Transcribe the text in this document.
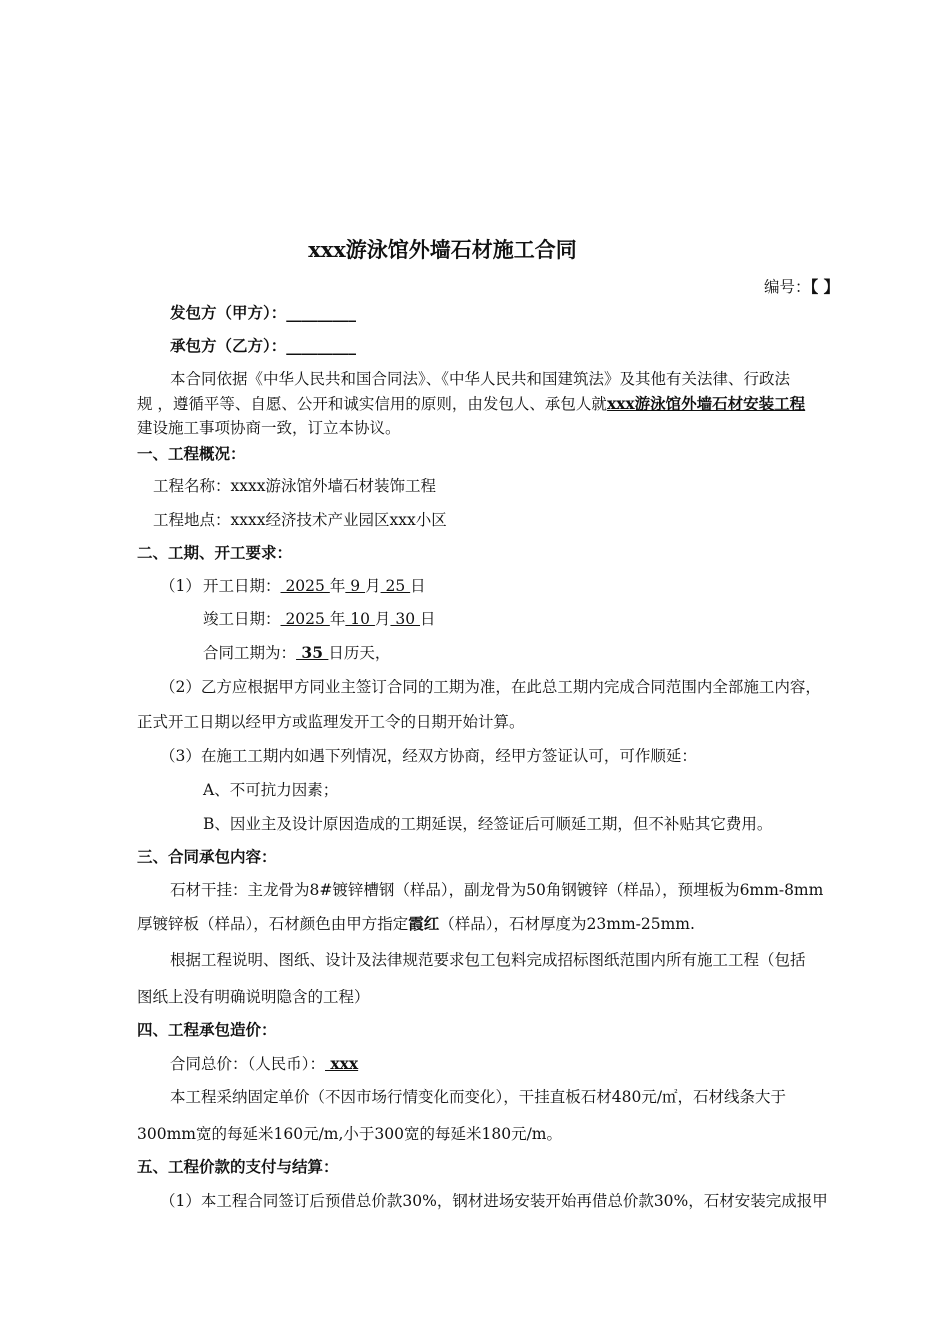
xxx游泳馆外墙石材施工合同
编号：【 】
发包方（甲方）：_________
承包方（乙方）：_________
本合同依据《中华人民共和国合同法》、《中华人民共和国建筑法》及其他有关法律、行政法
规 ，遵循平等、自愿、公开和诚实信用的原则，由发包人、承包人就xxx游泳馆外墙石材安装工程
建设施工事项协商一致，订立本协议。
一、工程概况：
工程名称：xxxx游泳馆外墙石材装饰工程
工程地点：xxxx经济技术产业园区xxx小区
二、工期、开工要求：
（1） 开工日期： 2025 年 9 月 25 日
竣工日期： 2025 年 10 月 30 日
合同工期为： 35 日历天，
（2）乙方应根据甲方同业主签订合同的工期为准，在此总工期内完成合同范围内全部施工内容，
正式开工日期以经甲方或监理发开工令的日期开始计算。
（3）在施工工期内如遇下列情况，经双方协商，经甲方签证认可，可作顺延：
A、不可抗力因素；
B、因业主及设计原因造成的工期延误，经签证后可顺延工期，但不补贴其它费用。
三、合同承包内容：
石材干挂：主龙骨为8#镀锌槽钢（样品），副龙骨为50角钢镀锌（样品），预埋板为6mm-8mm
厚镀锌板（样品），石材颜色由甲方指定霞红（样品），石材厚度为23mm-25mm.
根据工程说明、图纸、设计及法律规范要求包工包料完成招标图纸范围内所有施工工程（包括
图纸上没有明确说明隐含的工程）
四、工程承包造价：
合同总价：（人民币）： xxx
本工程采纳固定单价（不因市场行情变化而变化），干挂直板石材480元/㎡，石材线条大于
300mm宽的每延米160元/m,小于300宽的每延米180元/m。
五、工程价款的支付与结算：
（1）本工程合同签订后预借总价款30%，钢材进场安装开始再借总价款30%，石材安装完成报甲
